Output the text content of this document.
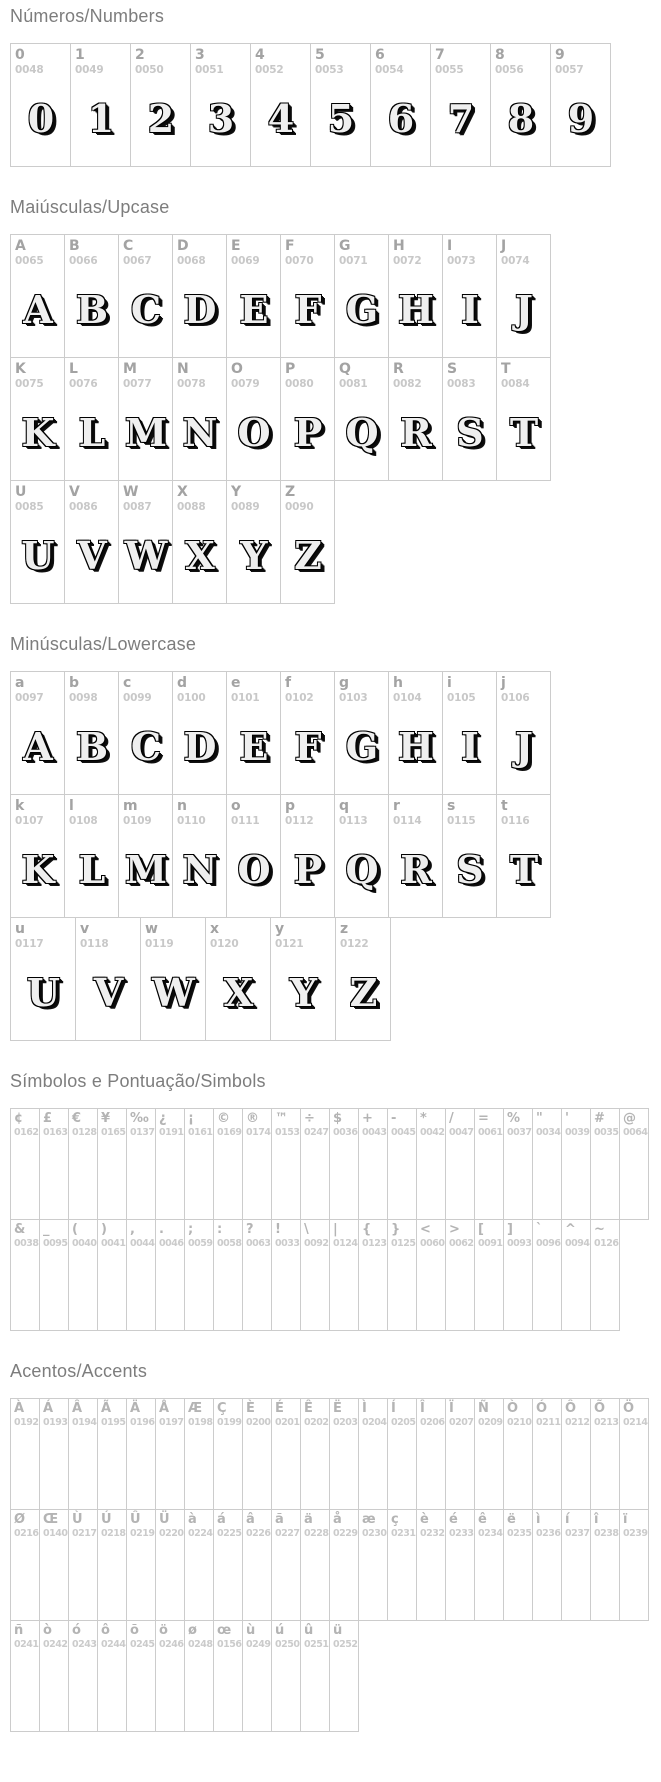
Números/Numbers
0
0048
0
1
0049
1
2
0050
2
3
0051
3
4
0052
4
5
0053
5
6
0054
6
7
0055
7
8
0056
8
9
0057
9
Maiúsculas/Upcase
A
0065
A
B
0066
B
C
0067
C
D
0068
D
E
0069
E
F
0070
F
G
0071
G
H
0072
H
I
0073
I
J
0074
J
K
0075
K
L
0076
L
M
0077
M
N
0078
N
O
0079
O
P
0080
P
Q
0081
Q
R
0082
R
S
0083
S
T
0084
T
U
0085
U
V
0086
V
W
0087
W
X
0088
X
Y
0089
Y
Z
0090
Z
Minúsculas/Lowercase
a
0097
A
b
0098
B
c
0099
C
d
0100
D
e
0101
E
f
0102
F
g
0103
G
h
0104
H
i
0105
I
j
0106
J
k
0107
K
l
0108
L
m
0109
M
n
0110
N
o
0111
O
p
0112
P
q
0113
Q
r
0114
R
s
0115
S
t
0116
T
u
0117
U
v
0118
V
w
0119
W
x
0120
X
y
0121
Y
z
0122
Z
Símbolos e Pontuação/Simbols
¢
0162
£
0163
€
0128
¥
0165
‰
0137
¿
0191
¡
0161
©
0169
®
0174
™
0153
÷
0247
$
0036
+
0043
-
0045
*
0042
/
0047
=
0061
%
0037
"
0034
'
0039
#
0035
@
0064
&
0038
_
0095
(
0040
)
0041
,
0044
.
0046
;
0059
:
0058
?
0063
!
0033
\
0092
|
0124
{
0123
}
0125
<
0060
>
0062
[
0091
]
0093
`
0096
^
0094
~
0126
Acentos/Accents
À
0192
Á
0193
Â
0194
Ã
0195
Ä
0196
Å
0197
Æ
0198
Ç
0199
È
0200
É
0201
Ê
0202
Ë
0203
Ì
0204
Í
0205
Î
0206
Ï
0207
Ñ
0209
Ò
0210
Ó
0211
Ô
0212
Õ
0213
Ö
0214
Ø
0216
Œ
0140
Ù
0217
Ú
0218
Û
0219
Ü
0220
à
0224
á
0225
â
0226
ã
0227
ä
0228
å
0229
æ
0230
ç
0231
è
0232
é
0233
ê
0234
ë
0235
ì
0236
í
0237
î
0238
ï
0239
ñ
0241
ò
0242
ó
0243
ô
0244
õ
0245
ö
0246
ø
0248
œ
0156
ù
0249
ú
0250
û
0251
ü
0252
